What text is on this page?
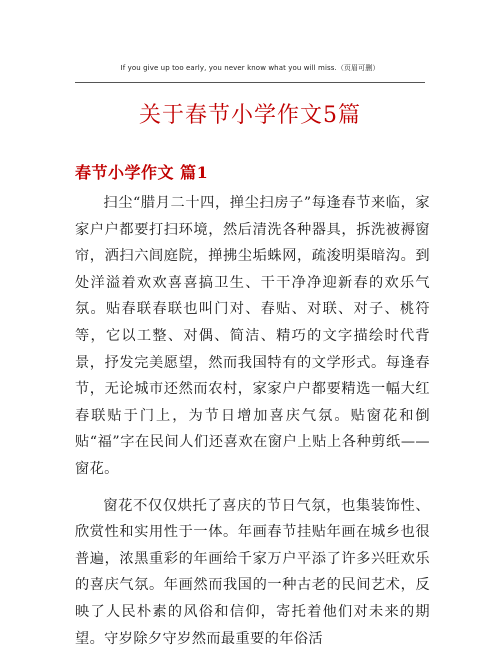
If you give up too early, you never know what you will miss.（页眉可删）
关于春节小学作文5篇
春节小学作文 篇1

扫尘“腊月二十四，掸尘扫房子”每逢春节来临，家家户户都要打扫环境，然后清洗各种器具，拆洗被褥窗帘，洒扫六闾庭院，掸拂尘垢蛛网，疏浚明渠暗沟。到处洋溢着欢欢喜喜搞卫生、干干净净迎新春的欢乐气氛。贴春联春联也叫门对、春贴、对联、对子、桃符等，它以工整、对偶、简洁、精巧的文字描绘时代背景，抒发完美愿望，然而我国特有的文学形式。每逢春节，无论城市还然而农村，家家户户都要精选一幅大红春联贴于门上，为节日增加喜庆气氛。贴窗花和倒贴“福”字在民间人们还喜欢在窗户上贴上各种剪纸——窗花。

窗花不仅仅烘托了喜庆的节日气氛，也集装饰性、欣赏性和实用性于一体。年画春节挂贴年画在城乡也很普遍，浓黑重彩的年画给千家万户平添了许多兴旺欢乐的喜庆气氛。年画然而我国的一种古老的民间艺术，反映了人民朴素的风俗和信仰，寄托着他们对未来的期望。守岁除夕守岁然而最重要的年俗活
